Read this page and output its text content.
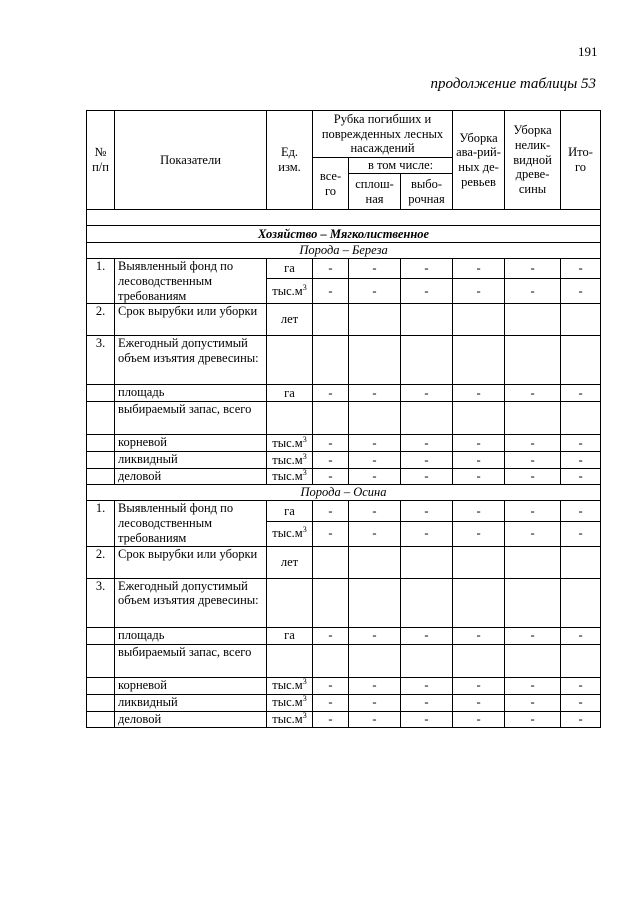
191
продолжение таблицы 53
№ п/п	Показатели	Ед. изм.	Рубка погибших и поврежденных лесных насаждений			Уборка ава-рий-ных де-ревьев	Уборка нелик-видной древе-сины	Ито-го
			все-го	в том числе:				
				сплош-ная	выбо-рочная			

Хозяйство – Мягколиственное								
Порода – Береза								
1.	Выявленный фонд по лесоводственным требованиям	га	-	-	-	-	-	-
		$тыс.м^3$	-	-	-	-	-	-
2.	Срок вырубки или уборки	лет						
3.	Ежегодный допустимый объем изъятия древесины:							
	площадь	га	-	-	-	-	-	-
	выбираемый запас, всего							
	корневой	$тыс.м^3$	-	-	-	-	-	-
	ликвидный	$тыс.м^3$	-	-	-	-	-	-
	деловой	$тыс.м^3$	-	-	-	-	-	-
Порода – Осина								
1.	Выявленный фонд по лесоводственным требованиям	га	-	-	-	-	-	-
		$тыс.м^3$	-	-	-	-	-	-
2.	Срок вырубки или уборки	лет						
3.	Ежегодный допустимый объем изъятия древесины:							
	площадь	га	-	-	-	-	-	-
	выбираемый запас, всего							
	корневой	$тыс.м^3$	-	-	-	-	-	-
	ликвидный	$тыс.м^3$	-	-	-	-	-	-
	деловой	$тыс.м^3$	-	-	-	-	-	-
